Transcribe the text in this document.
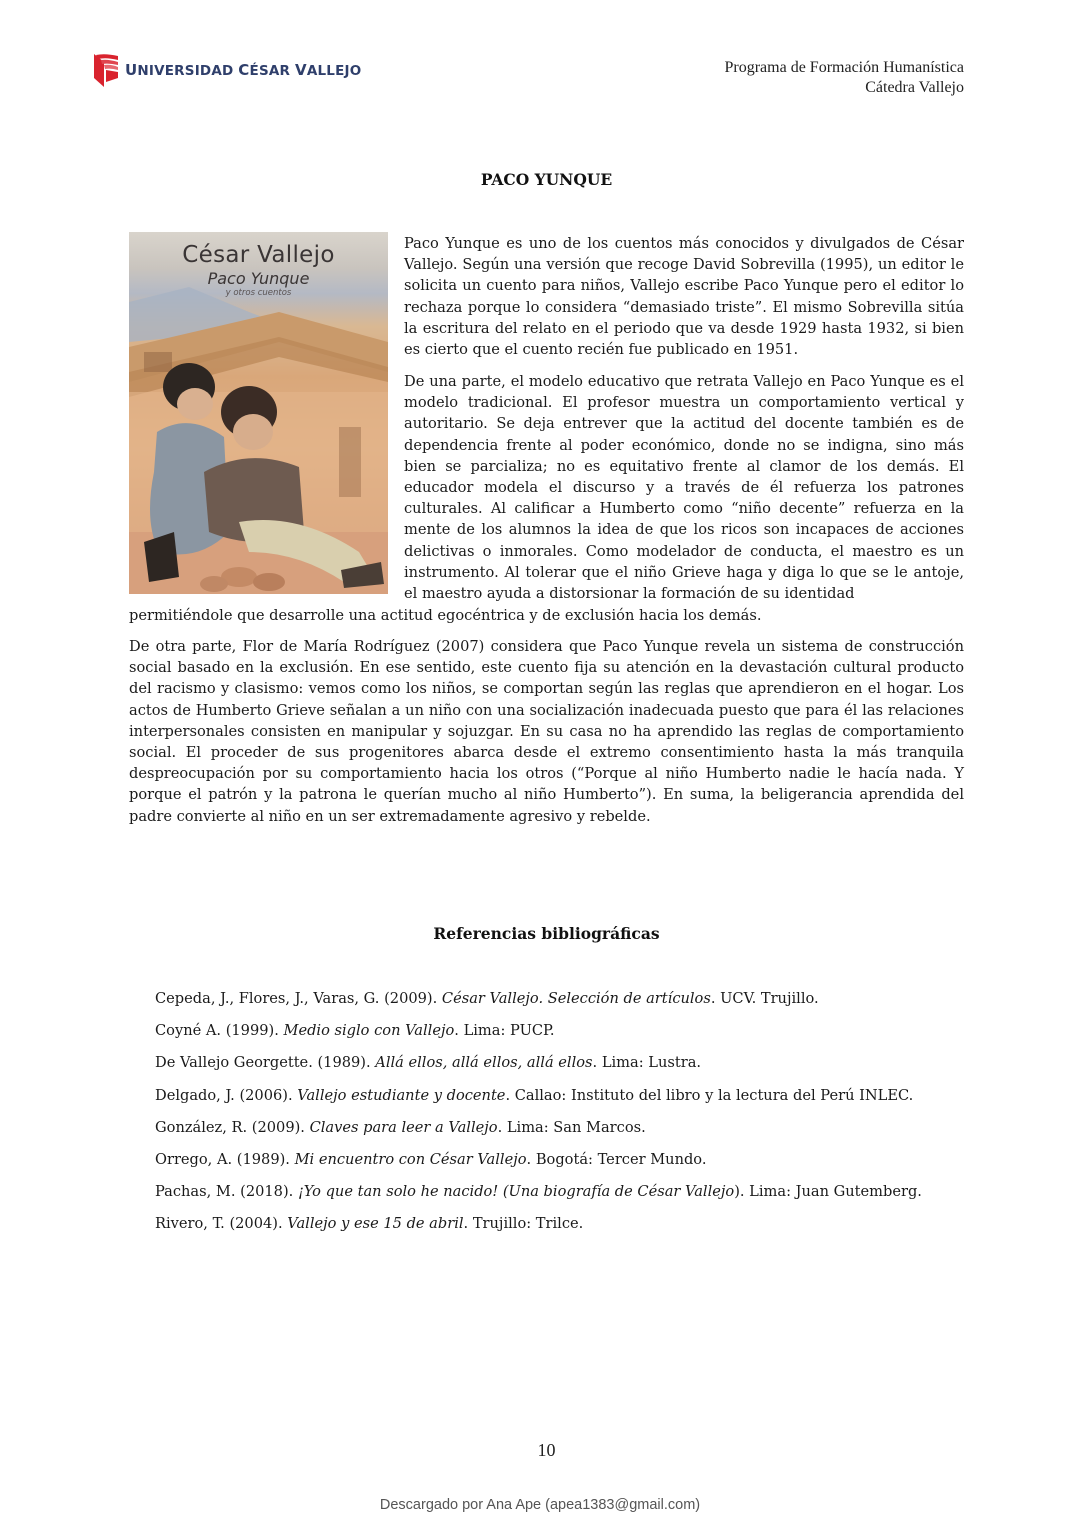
UNIVERSIDAD CÉSAR VALLEJO	Programa de Formación Humanística
Cátedra Vallejo
PACO YUNQUE
César Vallejo
Paco Yunque
y otros cuentos

Paco Yunque es uno de los cuentos más conocidos y divulgados de César Vallejo. Según una versión que recoge David Sobrevilla (1995), un editor le solicita un cuento para niños, Vallejo escribe Paco Yunque pero el editor lo rechaza porque lo considera “demasiado triste”. El mismo Sobrevilla sitúa la escritura del relato en el periodo que va desde 1929 hasta 1932, si bien es cierto que el cuento recién fue publicado en 1951.

De una parte, el modelo educativo que retrata Vallejo en Paco Yunque es el modelo tradicional. El profesor muestra un comportamiento vertical y autoritario. Se deja entrever que la actitud del docente también es de dependencia frente al poder económico, donde no se indigna, sino más bien se parcializa; no es equitativo frente al clamor de los demás. El educador modela el discurso y a través de él refuerza los patrones culturales. Al calificar a Humberto como “niño decente” refuerza en la mente de los alumnos la idea de que los ricos son incapaces de acciones delictivas o inmorales. Como modelador de conducta, el maestro es un instrumento. Al tolerar que el niño Grieve haga y diga lo que se le antoje, el maestro ayuda a distorsionar la formación de su identidad

permitiéndole que desarrolle una actitud egocéntrica y de exclusión hacia los demás.

De otra parte, Flor de María Rodríguez (2007) considera que Paco Yunque revela un sistema de construcción social basado en la exclusión. En ese sentido, este cuento fija su atención en la devastación cultural producto del racismo y clasismo: vemos como los niños, se comportan según las reglas que aprendieron en el hogar. Los actos de Humberto Grieve señalan a un niño con una socialización inadecuada puesto que para él las relaciones interpersonales consisten en manipular y sojuzgar. En su casa no ha aprendido las reglas de comportamiento social. El proceder de sus progenitores abarca desde el extremo consentimiento hasta la más tranquila despreocupación por su comportamiento hacia los otros (“Porque al niño Humberto nadie le hacía nada. Y porque el patrón y la patrona le querían mucho al niño Humberto”). En suma, la beligerancia aprendida del padre convierte al niño en un ser extremadamente agresivo y rebelde.

Referencias bibliográficas
Cepeda, J., Flores, J., Varas, G. (2009). César Vallejo. Selección de artículos. UCV. Trujillo.
Coyné A. (1999). Medio siglo con Vallejo. Lima: PUCP.
De Vallejo Georgette. (1989). Allá ellos, allá ellos, allá ellos. Lima: Lustra.
Delgado, J. (2006). Vallejo estudiante y docente. Callao: Instituto del libro y la lectura del Perú INLEC.
González, R. (2009). Claves para leer a Vallejo. Lima: San Marcos.
Orrego, A. (1989). Mi encuentro con César Vallejo. Bogotá: Tercer Mundo.
Pachas, M. (2018). ¡Yo que tan solo he nacido! (Una biografía de César Vallejo). Lima: Juan Gutemberg.
Rivero, T. (2004). Vallejo y ese 15 de abril. Trujillo: Trilce.
10
Descargado por Ana Ape (apea1383@gmail.com)
